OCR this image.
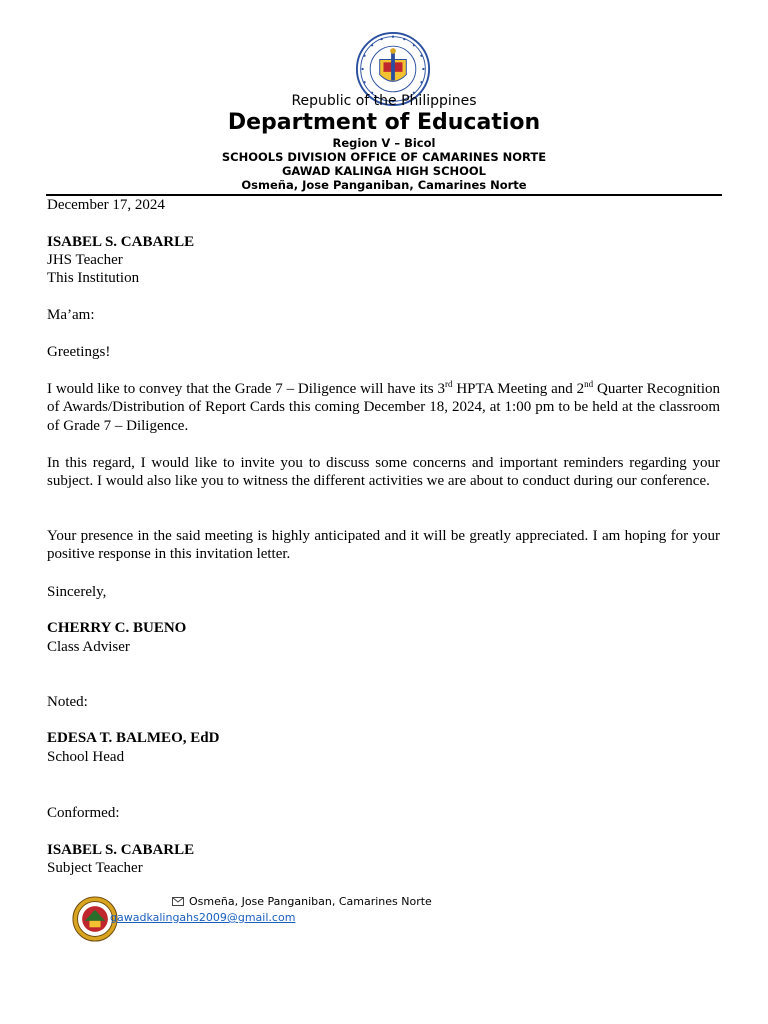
Republic of the Philippines
Department of Education
Region V – Bicol
SCHOOLS DIVISION OFFICE OF CAMARINES NORTE
GAWAD KALINGA HIGH SCHOOL
Osmeña, Jose Panganiban, Camarines Norte
December 17, 2024
ISABEL S. CABARLE
JHS Teacher
This Institution
Ma’am:
Greetings!
I would like to convey that the Grade 7 – Diligence will have its 3rd HPTA Meeting and 2nd Quarter Recognition of Awards/Distribution of Report Cards this coming December 18, 2024, at 1:00 pm to be held at the classroom of Grade 7 – Diligence.
In this regard, I would like to invite you to discuss some concerns and important reminders regarding your subject. I would also like you to witness the different activities we are about to conduct during our conference.
Your presence in the said meeting is highly anticipated and it will be greatly appreciated. I am hoping for your positive response in this invitation letter.
Sincerely,
CHERRY C. BUENO
Class Adviser
Noted:
EDESA T. BALMEO, EdD
School Head
Conformed:
ISABEL S. CABARLE
Subject Teacher
Osmeña, Jose Panganiban, Camarines Norte
gawadkalingahs2009@gmail.com
